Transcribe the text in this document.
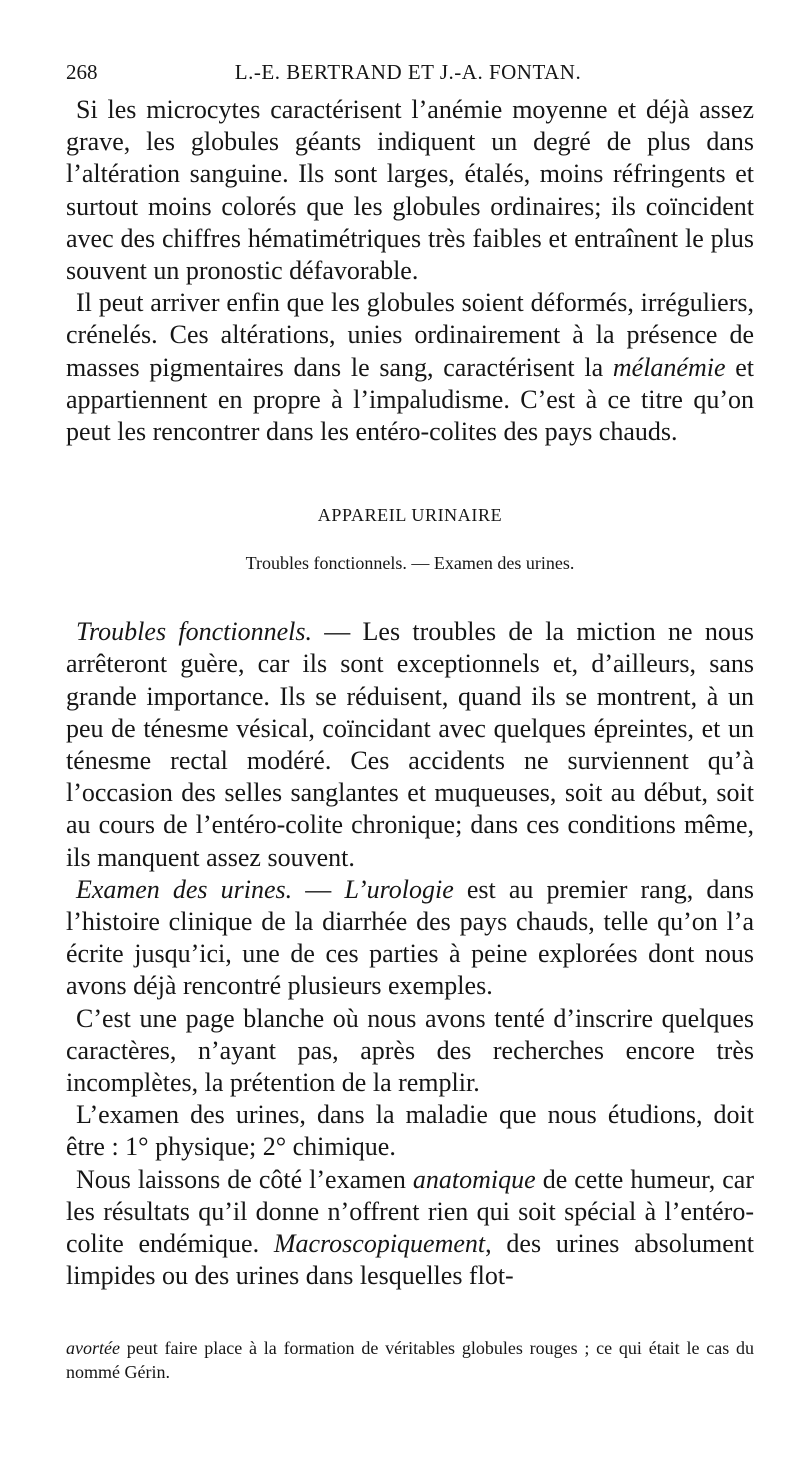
268	L.-E. BERTRAND ET J.-A. FONTAN.

Si les microcytes caractérisent l’anémie moyenne et déjà assez grave, les globules géants indiquent un degré de plus dans l’altération sanguine. Ils sont larges, étalés, moins réfringents et surtout moins colorés que les globules ordinaires; ils coïncident avec des chiffres hématimétriques très faibles et entraînent le plus souvent un pronostic défavorable.

Il peut arriver enfin que les globules soient déformés, irréguliers, crénelés. Ces altérations, unies ordinairement à la présence de masses pigmentaires dans le sang, caractérisent la mélanémie et appartiennent en propre à l’impaludisme. C’est à ce titre qu’on peut les rencontrer dans les entéro-colites des pays chauds.

APPAREIL URINAIRE
Troubles fonctionnels. — Examen des urines.

Troubles fonctionnels. — Les troubles de la miction ne nous arrêteront guère, car ils sont exceptionnels et, d’ailleurs, sans grande importance. Ils se réduisent, quand ils se montrent, à un peu de ténesme vésical, coïncidant avec quelques épreintes, et un ténesme rectal modéré. Ces accidents ne surviennent qu’à l’occasion des selles sanglantes et muqueuses, soit au début, soit au cours de l’entéro-colite chronique; dans ces conditions même, ils manquent assez souvent.

Examen des urines. — L’urologie est au premier rang, dans l’histoire clinique de la diarrhée des pays chauds, telle qu’on l’a écrite jusqu’ici, une de ces parties à peine explorées dont nous avons déjà rencontré plusieurs exemples.

C’est une page blanche où nous avons tenté d’inscrire quelques caractères, n’ayant pas, après des recherches encore très incomplètes, la prétention de la remplir.

L’examen des urines, dans la maladie que nous étudions, doit être : 1° physique; 2° chimique.

Nous laissons de côté l’examen anatomique de cette humeur, car les résultats qu’il donne n’offrent rien qui soit spécial à l’entéro-colite endémique. Macroscopiquement, des urines absolument limpides ou des urines dans lesquelles flot-

avortée peut faire place à la formation de véritables globules rouges ; ce qui était le cas du nommé Gérin.
